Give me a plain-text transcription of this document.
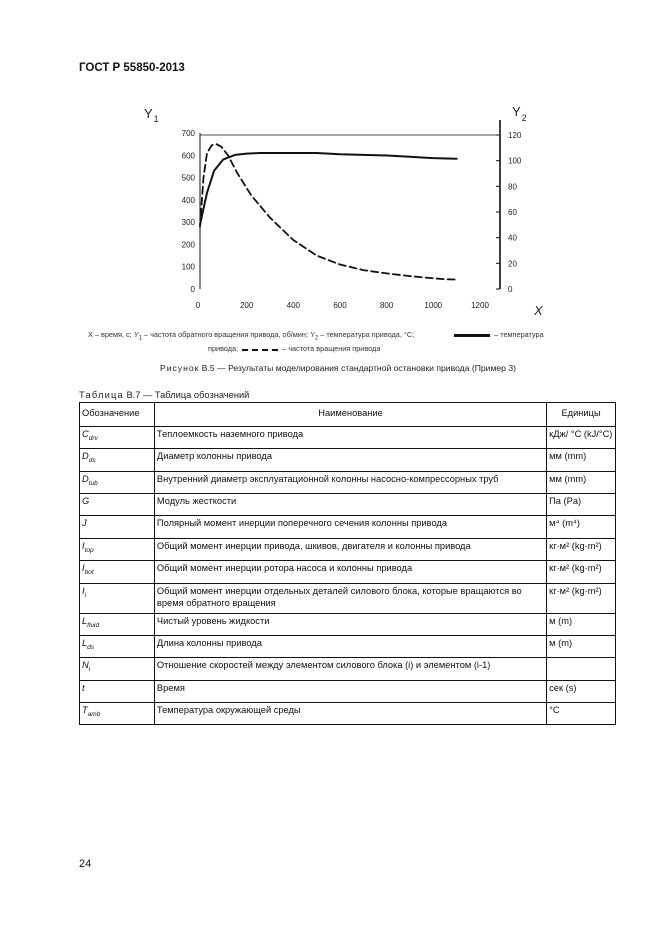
ГОСТ Р 55850-2013
0
100
200
300
400
500
600
700
0
20
40
60
80
100
120
0	200	400	600	800	1000	1200
$Y_1$	$Y_2$
X
X – время, с; $Y_1$ – частота обратного вращения привода, об/мин; $Y_2$ – температура привода, °C;	– температура
привода;	– частота вращения привода
Рисунок В.5 — Результаты моделирования стандартной остановки привода (Пример 3)
Таблица В.7 — Таблица обозначений
Обозначение	Наименование	Единицы
$C_{drv}$	Теплоемкость наземного привода	кДж/ °С (kJ/°C)
$D_{ds}$	Диаметр колонны привода	мм (mm)
$D_{tub}$	Внутренний диаметр эксплуатационной колонны насосно-компрессорных труб	мм (mm)
G	Модуль жесткости	Па (Pa)
J	Полярный момент инерции поперечного сечения колонны привода	м⁴ (m⁴)
$I_{top}$	Общий момент инерции привода, шкивов, двигателя и колонны привода	кг·м² (kg·m²)
$I_{bot}$	Общий момент инерции ротора насоса и колонны привода	кг·м² (kg·m²)
$I_i$	Общий момент инерции отдельных деталей силового блока, которые вращаются во время обратного вращения	кг·м² (kg·m²)
$L_{fluid}$	Чистый уровень жидкости	м (m)
$L_{ds}$	Длина колонны привода	м (m)
$N_i$	Отношение скоростей между элементом силового блока (i) и элементом (i-1)	
t	Время	сек (s)
$T_{amb}$	Температура окружающей среды	°C
24
